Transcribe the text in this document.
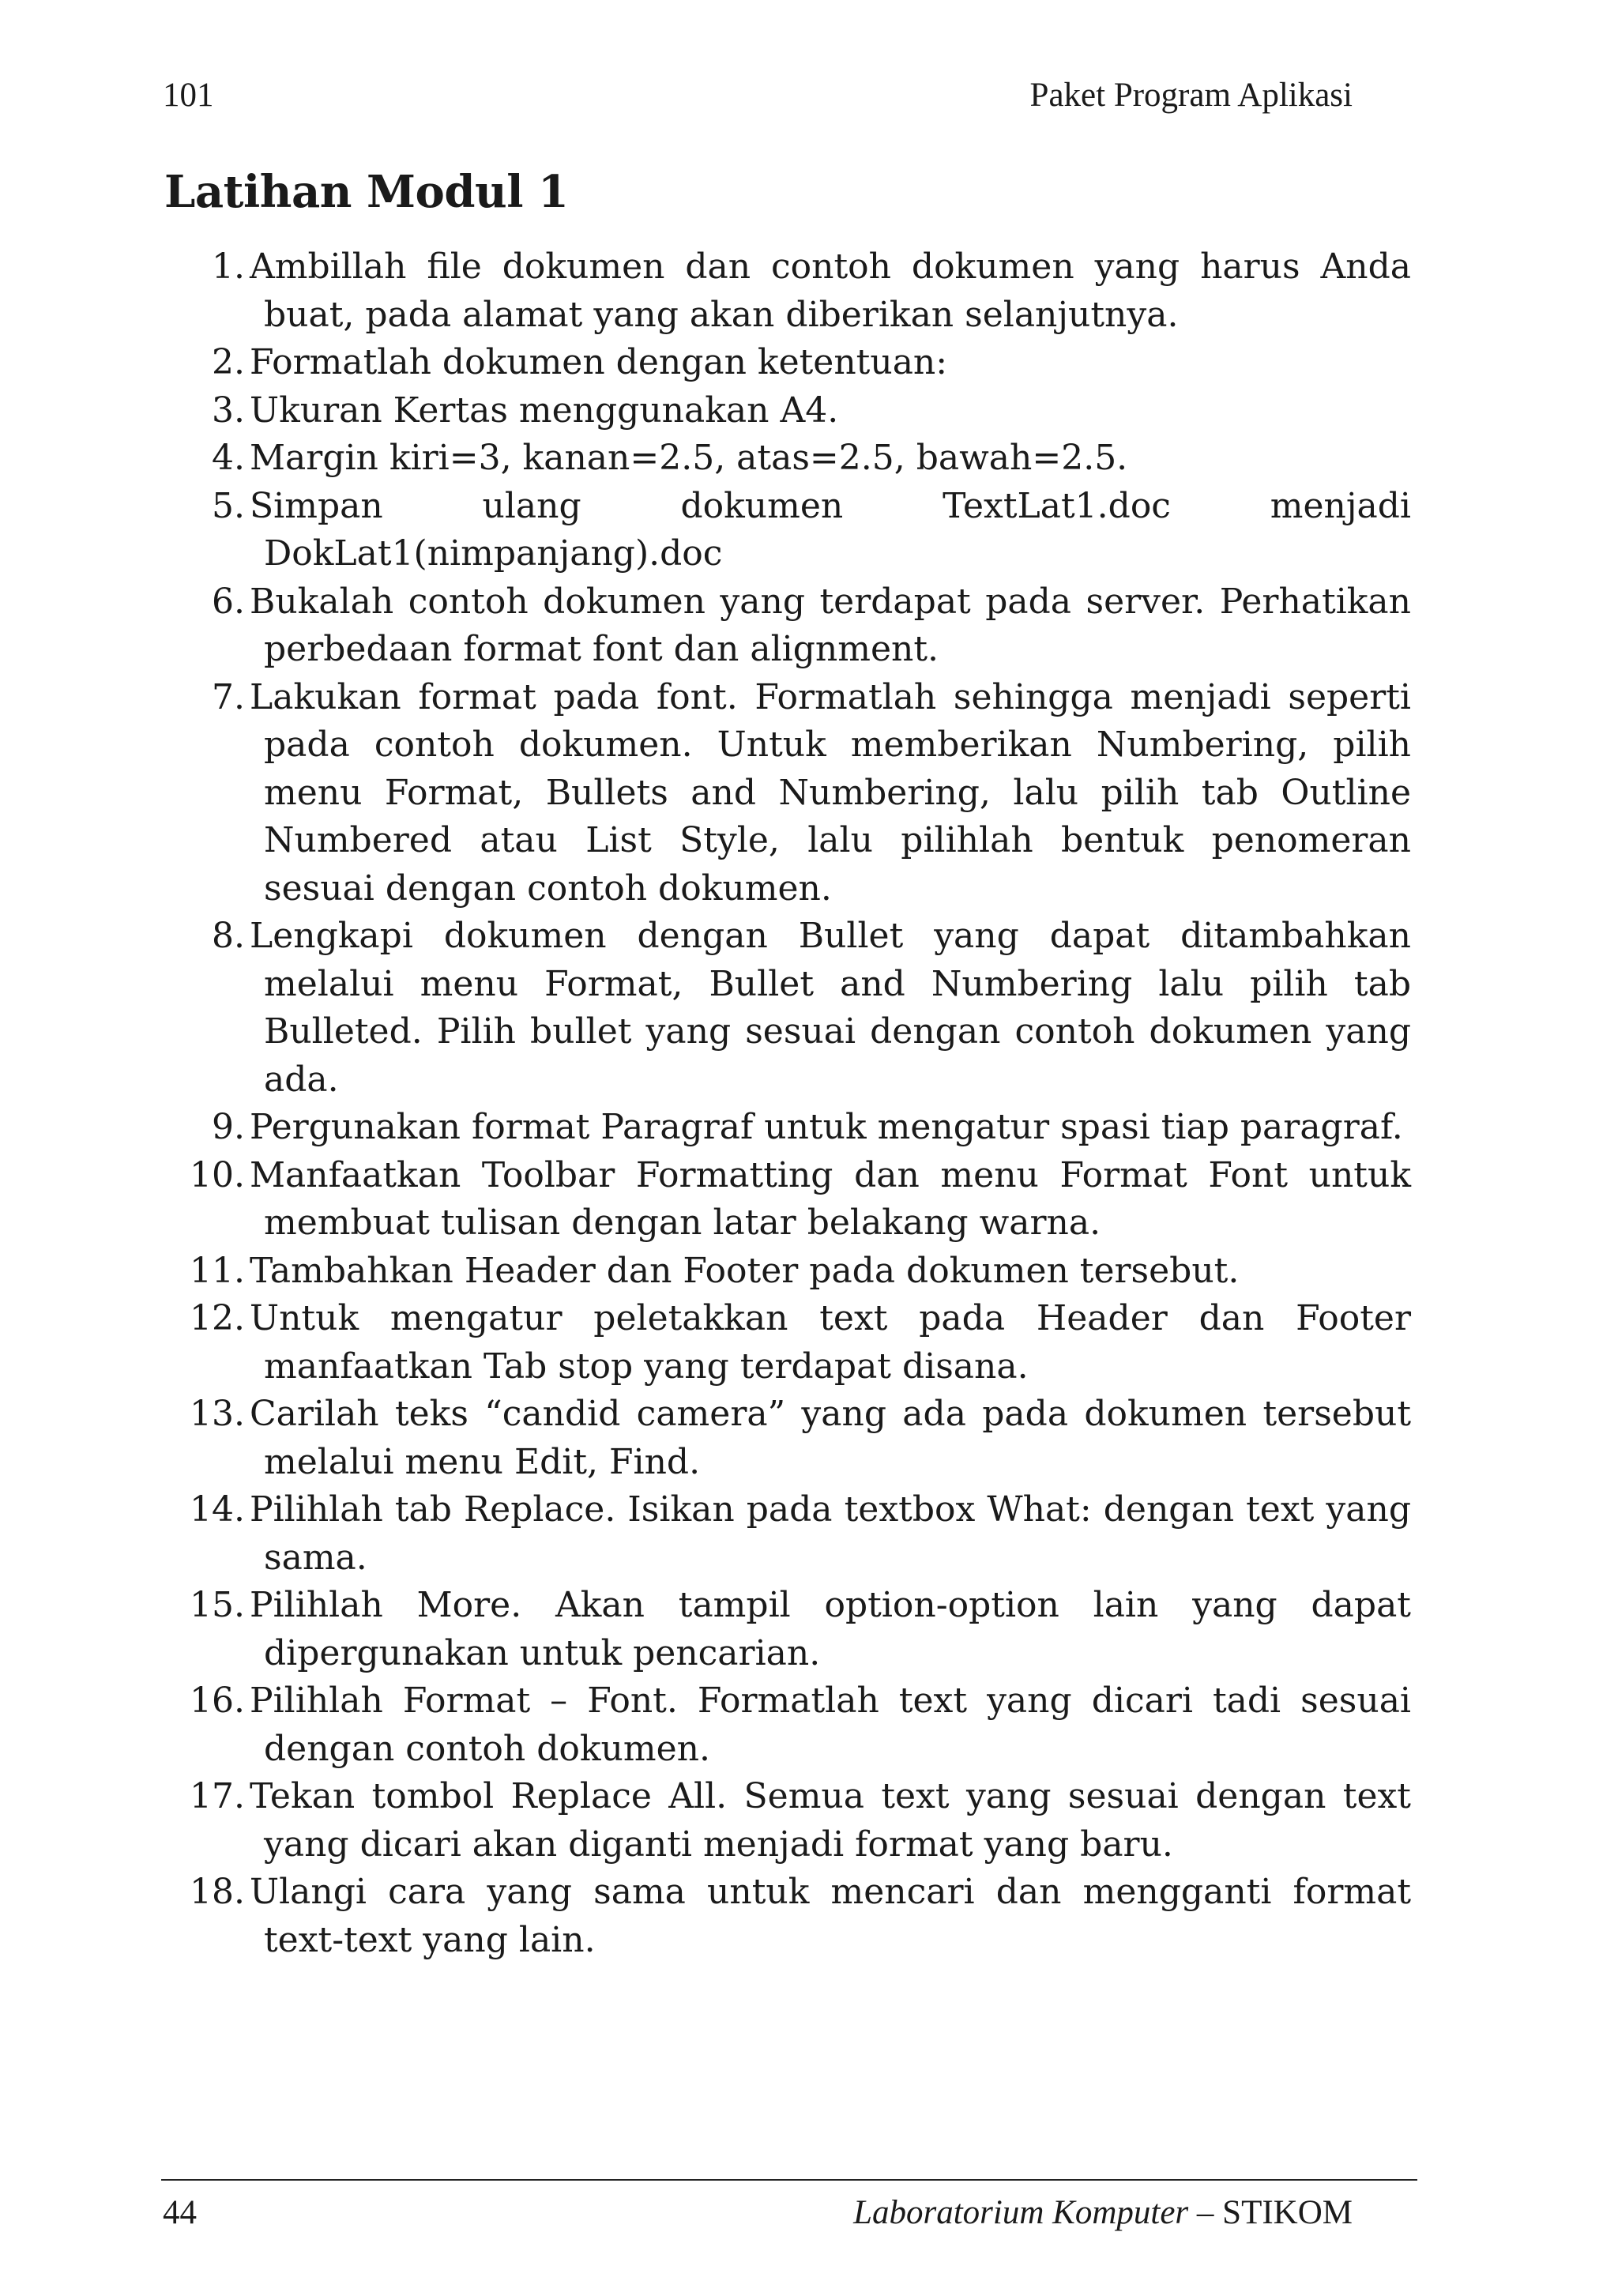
101	Paket Program Aplikasi
Latihan Modul 1
1. Ambillah file dokumen dan contoh dokumen yang harus Anda buat, pada alamat yang akan diberikan selanjutnya.
2. Formatlah dokumen dengan ketentuan:
3. Ukuran Kertas menggunakan A4.
4. Margin kiri=3, kanan=2.5, atas=2.5, bawah=2.5.
5. Simpan ulang dokumen TextLat1.doc menjadi DokLat1(nimpanjang).doc
6. Bukalah contoh dokumen yang terdapat pada server. Perhatikan perbedaan format font dan alignment.
7. Lakukan format pada font. Formatlah sehingga menjadi seperti pada contoh dokumen. Untuk memberikan Numbering, pilih menu Format, Bullets and Numbering, lalu pilih tab Outline Numbered atau List Style, lalu pilihlah bentuk penomeran sesuai dengan contoh dokumen.
8. Lengkapi dokumen dengan Bullet yang dapat ditambahkan melalui menu Format, Bullet and Numbering lalu pilih tab Bulleted. Pilih bullet yang sesuai dengan contoh dokumen yang ada.
9. Pergunakan format Paragraf untuk mengatur spasi tiap paragraf.
10. Manfaatkan Toolbar Formatting dan menu Format Font untuk membuat tulisan dengan latar belakang warna.
11. Tambahkan Header dan Footer pada dokumen tersebut.
12. Untuk mengatur peletakkan text pada Header dan Footer manfaatkan Tab stop yang terdapat disana.
13. Carilah teks “candid camera” yang ada pada dokumen tersebut melalui menu Edit, Find.
14. Pilihlah tab Replace. Isikan pada textbox What: dengan text yang sama.
15. Pilihlah More. Akan tampil option-option lain yang dapat dipergunakan untuk pencarian.
16. Pilihlah Format – Font. Formatlah text yang dicari tadi sesuai dengan contoh dokumen.
17. Tekan tombol Replace All. Semua text yang sesuai dengan text yang dicari akan diganti menjadi format yang baru.
18. Ulangi cara yang sama untuk mencari dan mengganti format text-text yang lain.
44	Laboratorium Komputer – STIKOM
